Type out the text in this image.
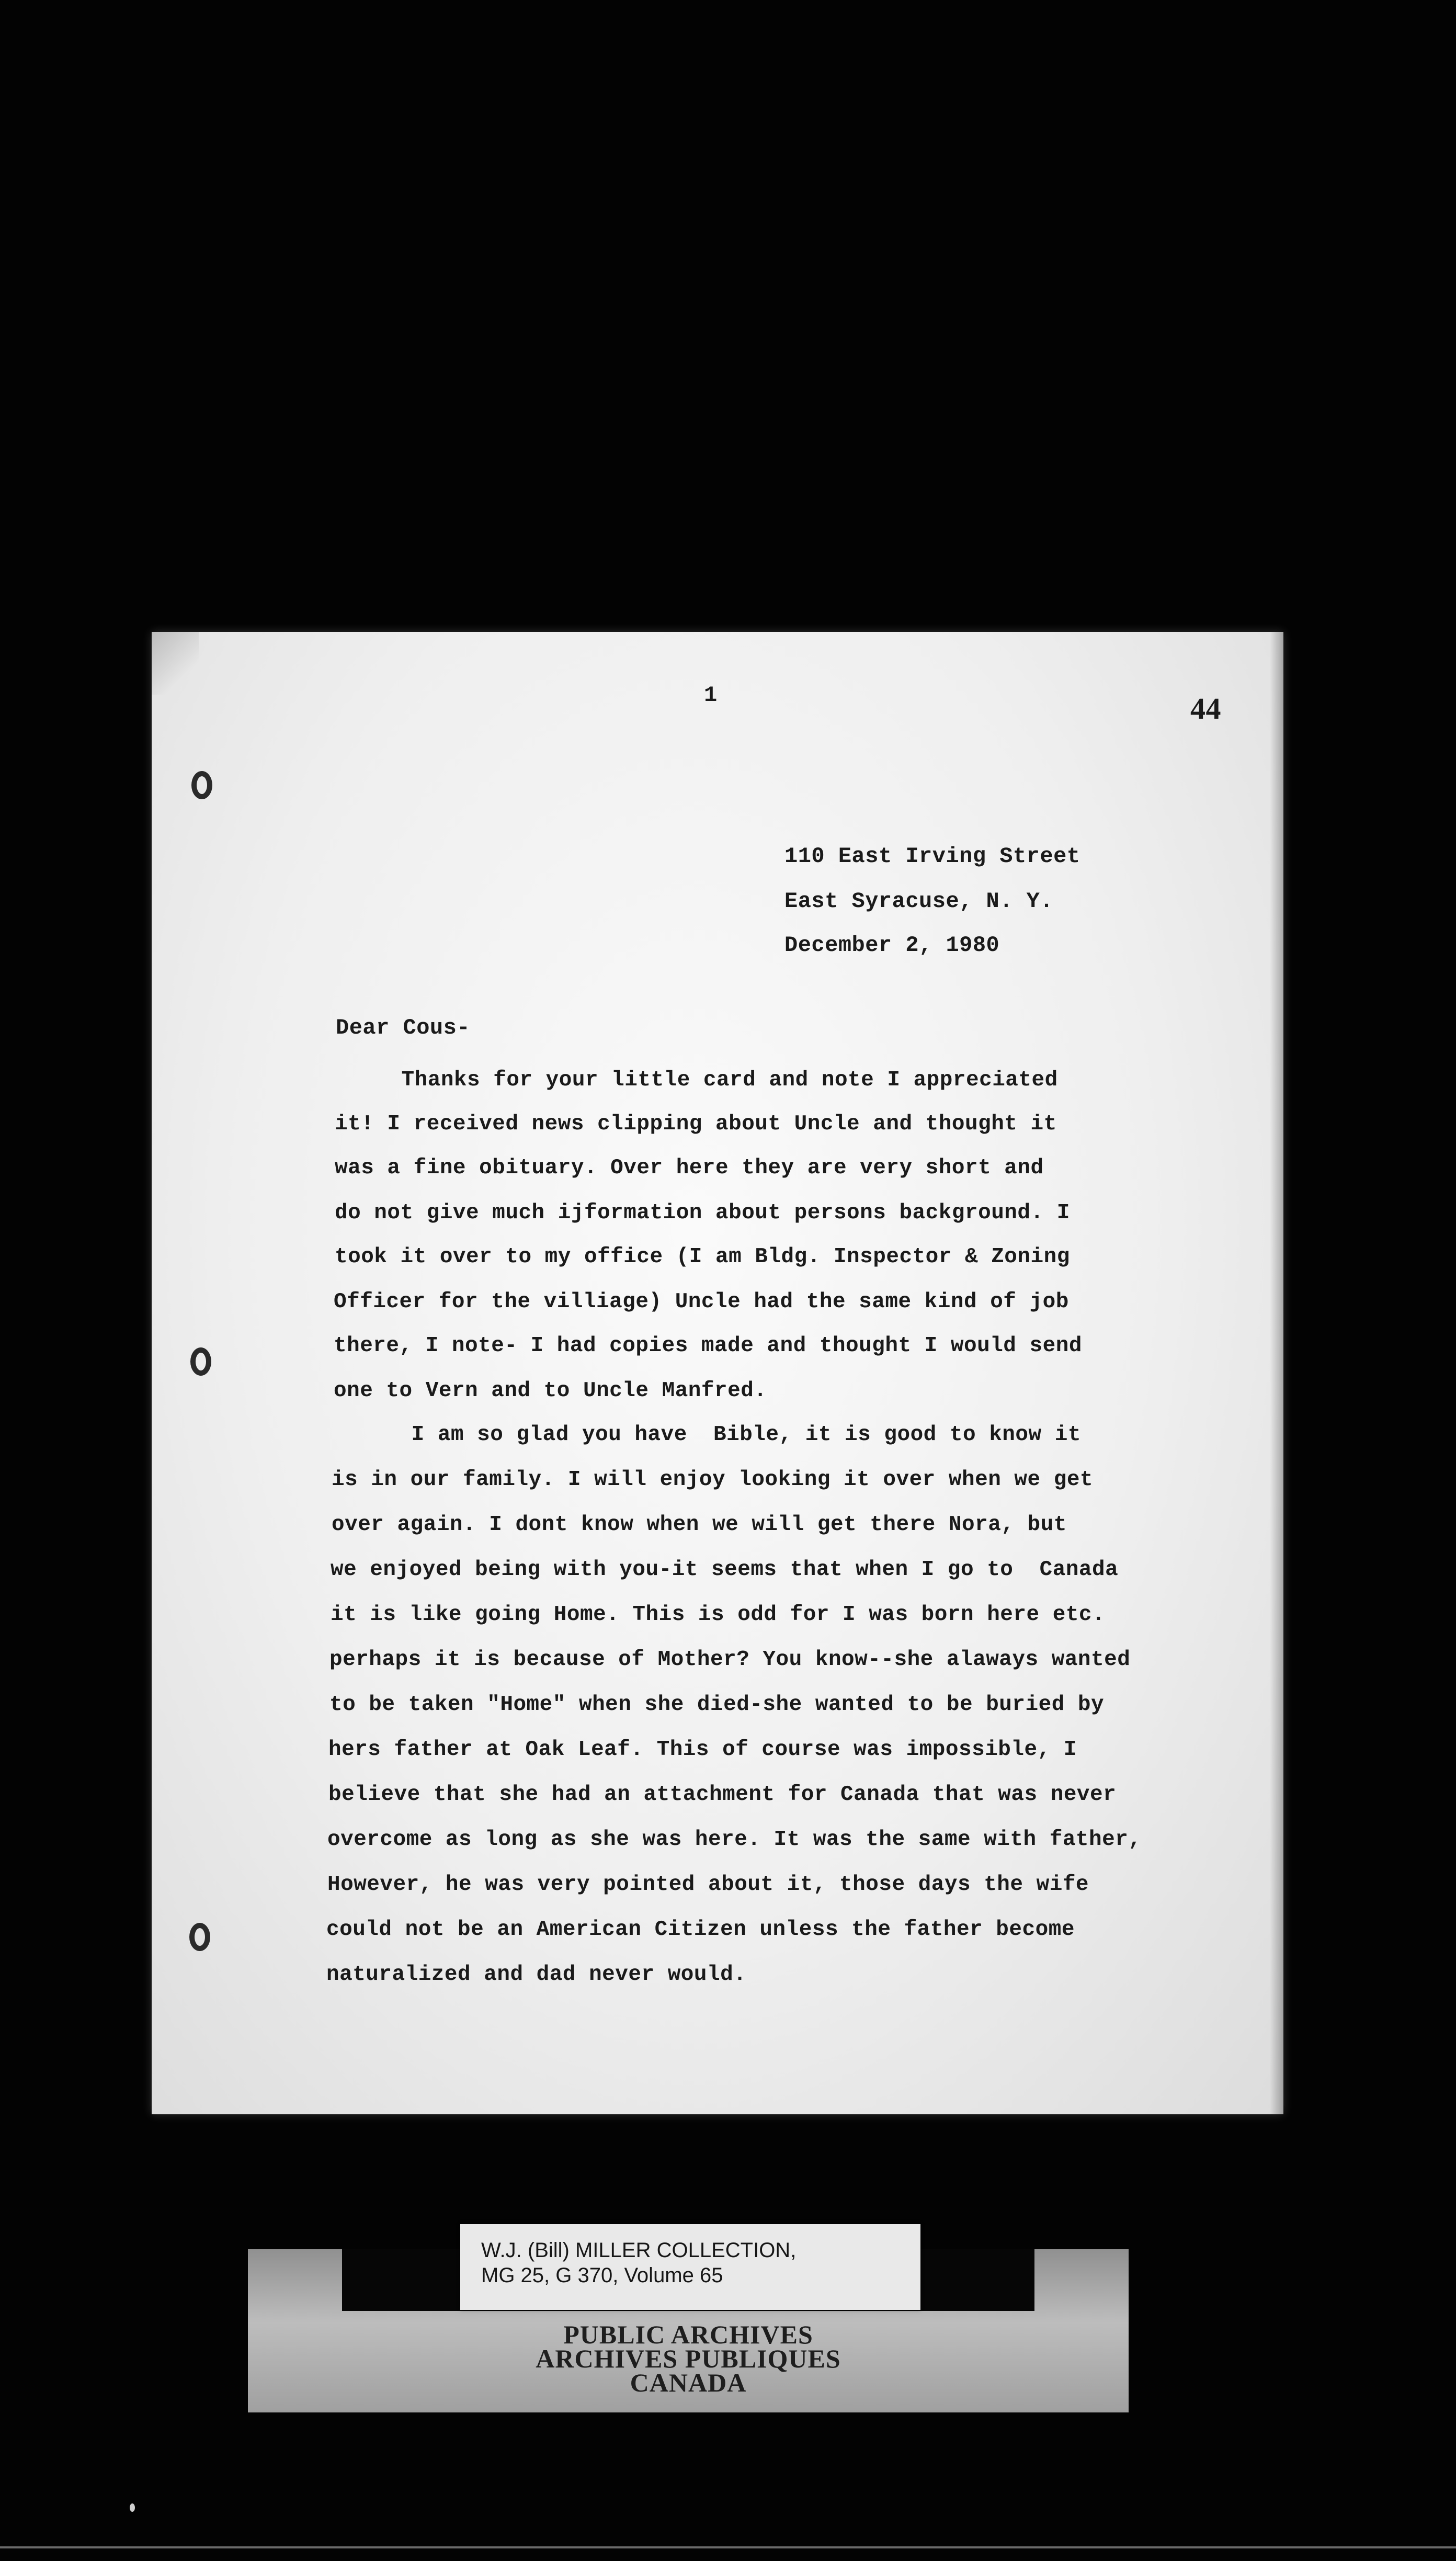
1	44
110 East Irving Street
East Syracuse, N. Y.
December 2, 1980
Dear Cous-
Thanks for your little card and note I appreciated
it! I received news clipping about Uncle and thought it
was a fine obituary. Over here they are very short and
do not give much ijformation about persons background. I
took it over to my office (I am Bldg. Inspector & Zoning
Officer for the villiage) Uncle had the same kind of job
there, I note- I had copies made and thought I would send
one to Vern and to Uncle Manfred.
I am so glad you have  Bible, it is good to know it
is in our family. I will enjoy looking it over when we get
over again. I dont know when we will get there Nora, but
we enjoyed being with you-it seems that when I go to  Canada
it is like going Home. This is odd for I was born here etc.
perhaps it is because of Mother? You know--she alaways wanted
to be taken "Home" when she died-she wanted to be buried by
hers father at Oak Leaf. This of course was impossible, I
believe that she had an attachment for Canada that was never
overcome as long as she was here. It was the same with father,
However, he was very pointed about it, those days the wife
could not be an American Citizen unless the father become
naturalized and dad never would.
W.J. (Bill) MILLER COLLECTION,
MG 25, G 370, Volume 65
PUBLIC ARCHIVES
ARCHIVES PUBLIQUES
CANADA
